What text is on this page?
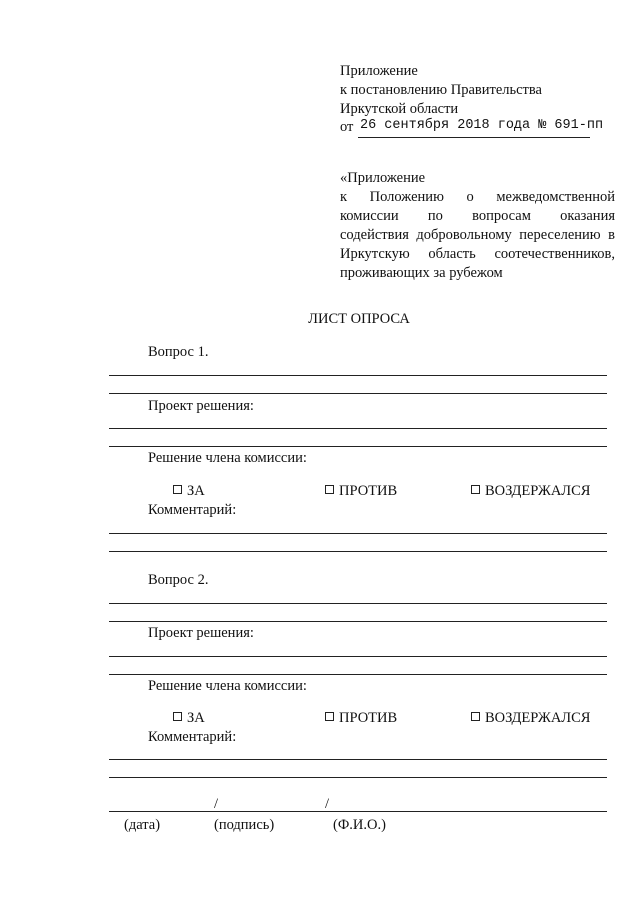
Приложение
к постановлению Правительства
Иркутской области
от 26 сентября 2018 года № 691-пп
«Приложение
к Положению о межведомственной
комиссии по вопросам оказания
содействия добровольному переселению в
Иркутскую область соотечественников,
проживающих за рубежом
ЛИСТ ОПРОСА
Вопрос 1.
Проект решения:
Решение члена комиссии:
ЗА	ПРОТИВ	ВОЗДЕРЖАЛСЯ
Комментарий:
Вопрос 2.
Проект решения:
Решение члена комиссии:
ЗА	ПРОТИВ	ВОЗДЕРЖАЛСЯ
Комментарий:
/	/
(дата)	(подпись)	(Ф.И.О.)
